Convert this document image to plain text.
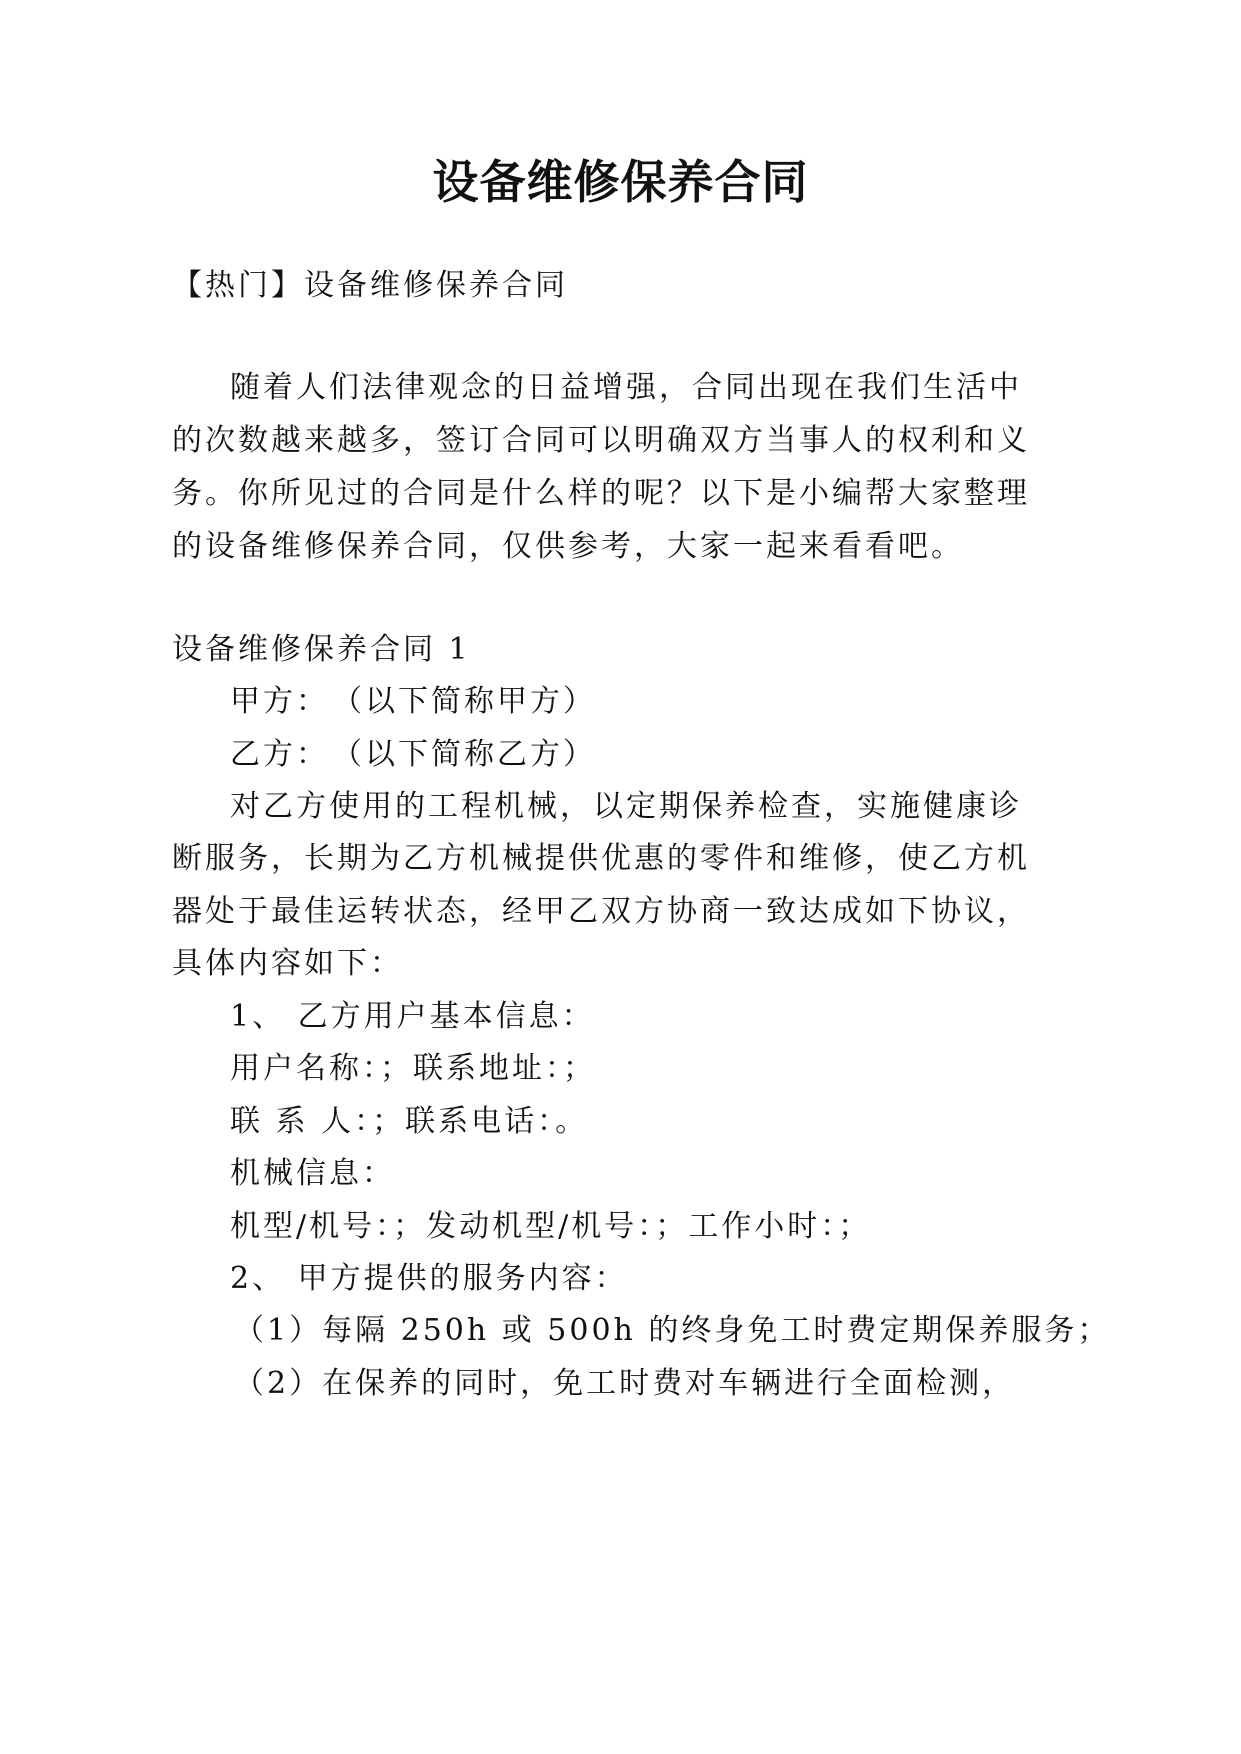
设备维修保养合同
【热门】设备维修保养合同
随着人们法律观念的日益增强，合同出现在我们生活中
的次数越来越多，签订合同可以明确双方当事人的权利和义
务。你所见过的合同是什么样的呢？以下是小编帮大家整理
的设备维修保养合同，仅供参考，大家一起来看看吧。
设备维修保养合同 1
甲方：　（以下简称甲方）
乙方：　（以下简称乙方）
对乙方使用的工程机械，以定期保养检查，实施健康诊
断服务，长期为乙方机械提供优惠的零件和维修，使乙方机
器处于最佳运转状态，经甲乙双方协商一致达成如下协议，
具体内容如下：
1、 乙方用户基本信息：
用户名称：；联系地址：；
联 系 人：；联系电话：。
机械信息：
机型/机号：；发动机型/机号：；工作小时：；
2、 甲方提供的服务内容：
（1）每隔 250h 或 500h 的终身免工时费定期保养服务；
（2）在保养的同时，免工时费对车辆进行全面检测，
